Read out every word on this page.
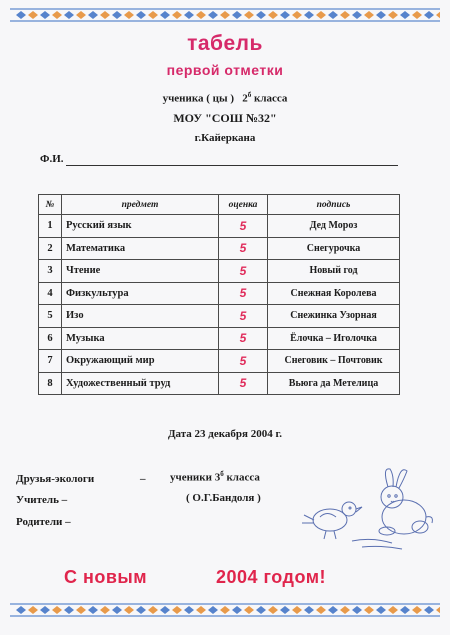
табель
первой отметки
ученика ( цы ) $2^б$ класса
МОУ "СОШ №32"
г.Кайеркана
Ф.И.
№	предмет	оценка	подпись
1	Русский язык	5	Дед Мороз
2	Математика	5	Снегурочка
3	Чтение	5	Новый год
4	Физкультура	5	Снежная Королева
5	Изо	5	Снежинка Узорная
6	Музыка	5	Ёлочка – Иголочка
7	Окружающий мир	5	Снеговик – Почтовик
8	Художественный труд	5	Вьюга да Метелица
Дата 23 декабря 2004 г.
Друзья-экологи	– ученики $3^б$ класса
Учитель –	( О.Г.Бандоля )
Родители –
С новым	2004 годом!
